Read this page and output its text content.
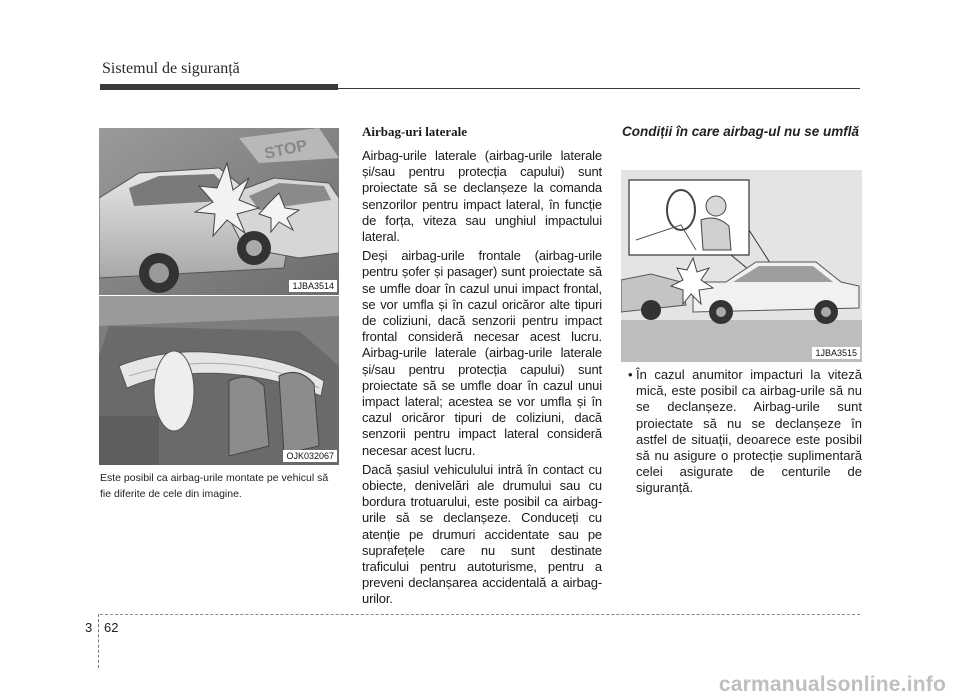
Sistemul de siguranță
STOP
1JBA3514
OJK032067
Este posibil ca airbag-urile montate pe vehicul să fie diferite de cele din imagine.
Airbag-uri laterale
Airbag-urile laterale (airbag-urile laterale și/sau pentru protecția capului) sunt proiectate să se declanșeze la comanda senzorilor pentru impact lateral, în funcție de forța, viteza sau unghiul impactului lateral.
Deși airbag-urile frontale (airbag-urile pentru șofer și pasager) sunt proiectate să se umfle doar în cazul unui impact frontal, se vor umfla și în cazul oricăror alte tipuri de coliziuni, dacă senzorii pentru impact frontal consideră necesar acest lucru. Airbag-urile laterale (airbag-urile laterale și/sau pentru protecția capului) sunt proiectate să se umfle doar în cazul unui impact lateral; acestea se vor umfla și în cazul oricăror tipuri de coliziuni, dacă senzorii pentru impact lateral consideră necesar acest lucru.
Dacă șasiul vehiculului intră în contact cu obiecte, denivelări ale drumului sau cu bordura trotuarului, este posibil ca airbag-urile să se declanșeze. Conduceți cu atenție pe drumuri accidentate sau pe suprafețele care nu sunt destinate traficului pentru autoturisme, pentru a preveni declanșarea accidentală a airbag-urilor.
Condiții în care airbag-ul nu se umflă
1JBA3515
• În cazul anumitor impacturi la viteză mică, este posibil ca airbag-urile să nu se declanșeze. Airbag-urile sunt proiectate să nu se declanșeze în astfel de situații, deoarece este posibil să nu asigure o protecție suplimentară celei asigurate de centurile de siguranță.
3 62
carmanualsonline.info
